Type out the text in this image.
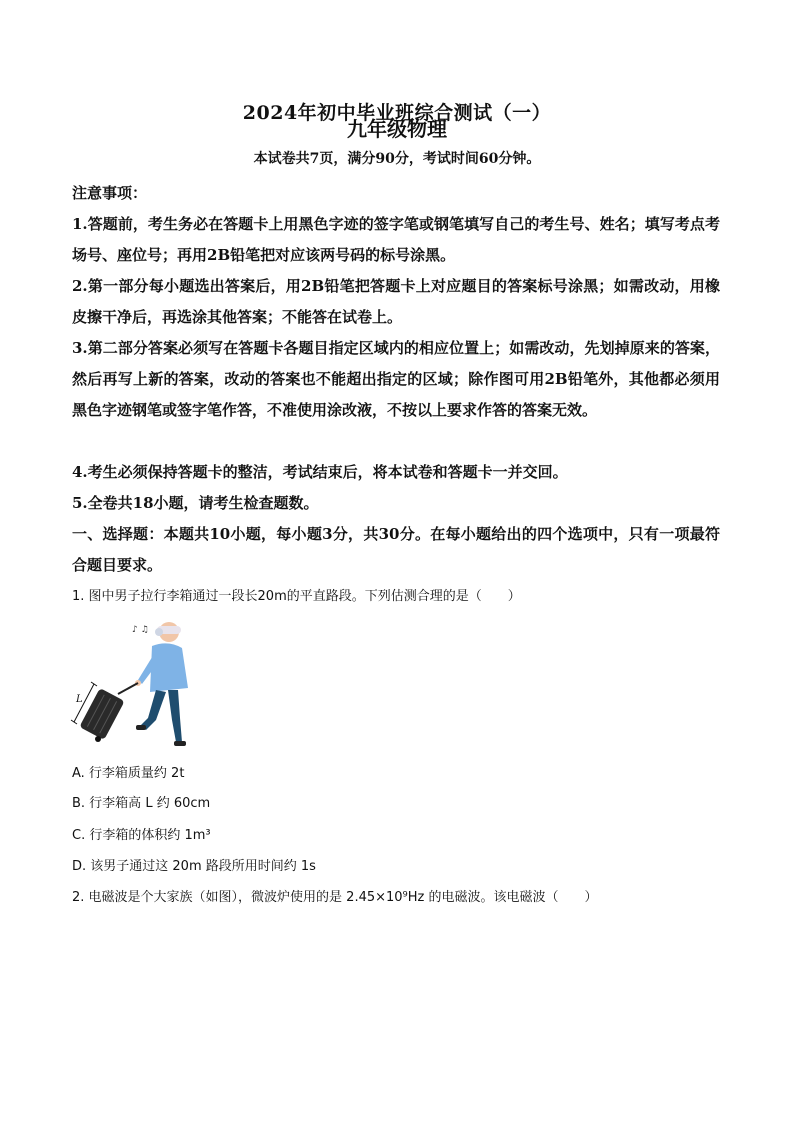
2024年初中毕业班综合测试（一）
九年级物理
本试卷共7页，满分90分，考试时间60分钟。
注意事项：
1.答题前，考生务必在答题卡上用黑色字迹的签字笔或钢笔填写自己的考生号、姓名；填写考点考场号、座位号；再用2B铅笔把对应该两号码的标号涂黑。
2.第一部分每小题选出答案后，用2B铅笔把答题卡上对应题目的答案标号涂黑；如需改动，用橡皮擦干净后，再选涂其他答案；不能答在试卷上。
3.第二部分答案必须写在答题卡各题目指定区域内的相应位置上；如需改动，先划掉原来的答案，然后再写上新的答案，改动的答案也不能超出指定的区域；除作图可用2B铅笔外，其他都必须用黑色字迹钢笔或签字笔作答，不准使用涂改液，不按以上要求作答的答案无效。
4.考生必须保持答题卡的整洁，考试结束后，将本试卷和答题卡一并交回。
5.全卷共18小题，请考生检查题数。
一、选择题：本题共10小题，每小题3分，共30分。在每小题给出的四个选项中，只有一项最符合题目要求。
1. 图中男子拉行李箱通过一段长20m的平直路段。下列估测合理的是（　　）
♪ ♫
L
A. 行李箱质量约 2t
B. 行李箱高 L 约 60cm
C. 行李箱的体积约 1m³
D. 该男子通过这 20m 路段所用时间约 1s
2. 电磁波是个大家族（如图），微波炉使用的是 2.45×10⁹Hz 的电磁波。该电磁波（　　）
